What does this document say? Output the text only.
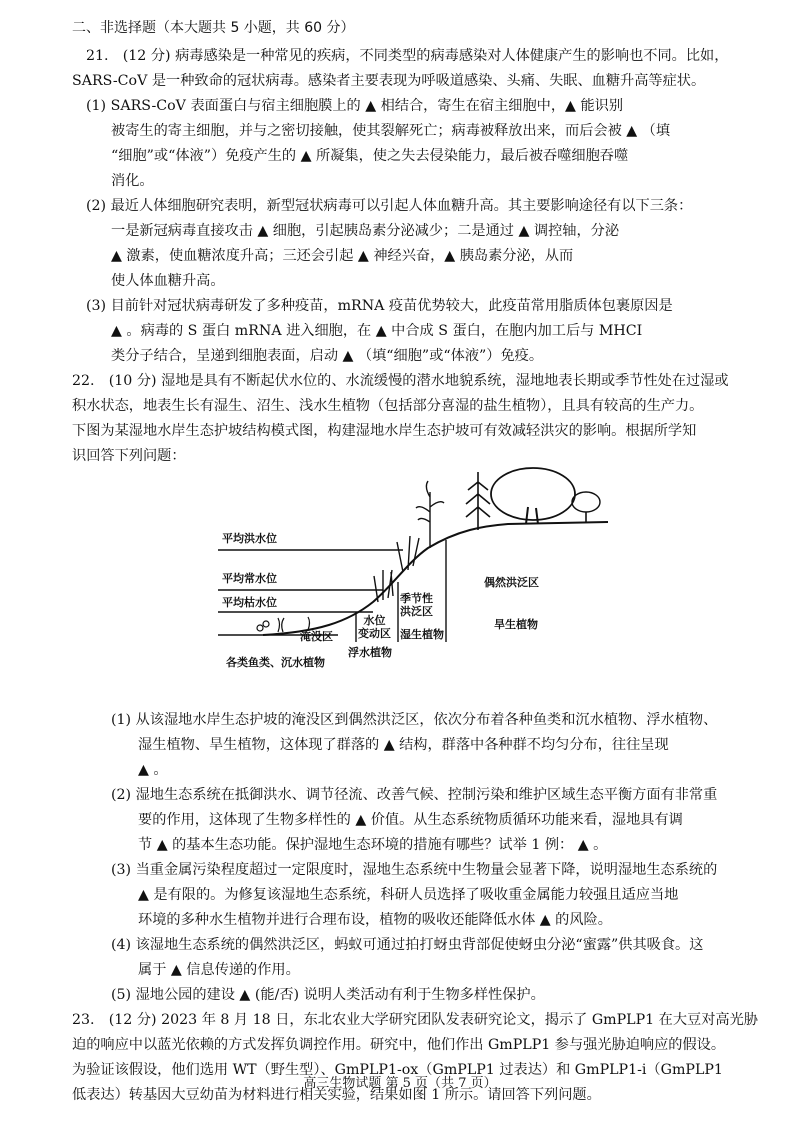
二、非选择题（本大题共 5 小题，共 60 分）
21.　(12 分) 病毒感染是一种常见的疾病，不同类型的病毒感染对人体健康产生的影响也不同。比如，
SARS-CoV 是一种致命的冠状病毒。感染者主要表现为呼吸道感染、头痛、失眠、血糖升高等症状。
(1) SARS-CoV 表面蛋白与宿主细胞膜上的 ▲ 相结合，寄生在宿主细胞中，▲ 能识别
被寄生的寄主细胞，并与之密切接触，使其裂解死亡；病毒被释放出来，而后会被 ▲ （填
“细胞”或“体液”）免疫产生的 ▲ 所凝集，使之失去侵染能力，最后被吞噬细胞吞噬
消化。
(2) 最近人体细胞研究表明，新型冠状病毒可以引起人体血糖升高。其主要影响途径有以下三条：
一是新冠病毒直接攻击 ▲ 细胞，引起胰岛素分泌减少；二是通过 ▲ 调控轴，分泌
▲ 激素，使血糖浓度升高；三还会引起 ▲ 神经兴奋，▲ 胰岛素分泌，从而
使人体血糖升高。
(3) 目前针对冠状病毒研发了多种疫苗，mRNA 疫苗优势较大，此疫苗常用脂质体包裹原因是
▲ 。病毒的 S 蛋白 mRNA 进入细胞，在 ▲ 中合成 S 蛋白，在胞内加工后与 MHCI
类分子结合，呈递到细胞表面，启动 ▲ （填“细胞”或“体液”）免疫。
22.　(10 分) 湿地是具有不断起伏水位的、水流缓慢的潜水地貌系统，湿地地表长期或季节性处在过湿或
积水状态，地表生长有湿生、沼生、浅水生植物（包括部分喜湿的盐生植物），且具有较高的生产力。
下图为某湿地水岸生态护坡结构模式图，构建湿地水岸生态护坡可有效减轻洪灾的影响。根据所学知
识回答下列问题：
(1) 从该湿地水岸生态护坡的淹没区到偶然洪泛区，依次分布着各种鱼类和沉水植物、浮水植物、
湿生植物、旱生植物，这体现了群落的 ▲ 结构，群落中各种群不均匀分布，往往呈现
▲ 。
(2) 湿地生态系统在抵御洪水、调节径流、改善气候、控制污染和维护区域生态平衡方面有非常重
要的作用，这体现了生物多样性的 ▲ 价值。从生态系统物质循环功能来看，湿地具有调
节 ▲ 的基本生态功能。保护湿地生态环境的措施有哪些？试举 1 例： ▲ 。
(3) 当重金属污染程度超过一定限度时，湿地生态系统中生物量会显著下降，说明湿地生态系统的
▲ 是有限的。为修复该湿地生态系统，科研人员选择了吸收重金属能力较强且适应当地
环境的多种水生植物并进行合理布设，植物的吸收还能降低水体 ▲ 的风险。
(4) 该湿地生态系统的偶然洪泛区，蚂蚁可通过拍打蚜虫背部促使蚜虫分泌“蜜露”供其吸食。这
属于 ▲ 信息传递的作用。
(5) 湿地公园的建设 ▲ (能/否) 说明人类活动有利于生物多样性保护。
23.　(12 分) 2023 年 8 月 18 日，东北农业大学研究团队发表研究论文，揭示了 GmPLP1 在大豆对高光胁
迫的响应中以蓝光依赖的方式发挥负调控作用。研究中，他们作出 GmPLP1 参与强光胁迫响应的假设。
为验证该假设，他们选用 WT（野生型）、GmPLP1-ox（GmPLP1 过表达）和 GmPLP1-i（GmPLP1
低表达）转基因大豆幼苗为材料进行相关实验，结果如图 1 所示。请回答下列问题。
平均洪水位
平均常水位
平均枯水位	季节性
洪泛区
偶然洪泛区
淹没区
水位
变动区 湿生植物
旱生植物
浮水植物
各类鱼类、沉水植物
高三生物试题 第 5 页（共 7 页）
